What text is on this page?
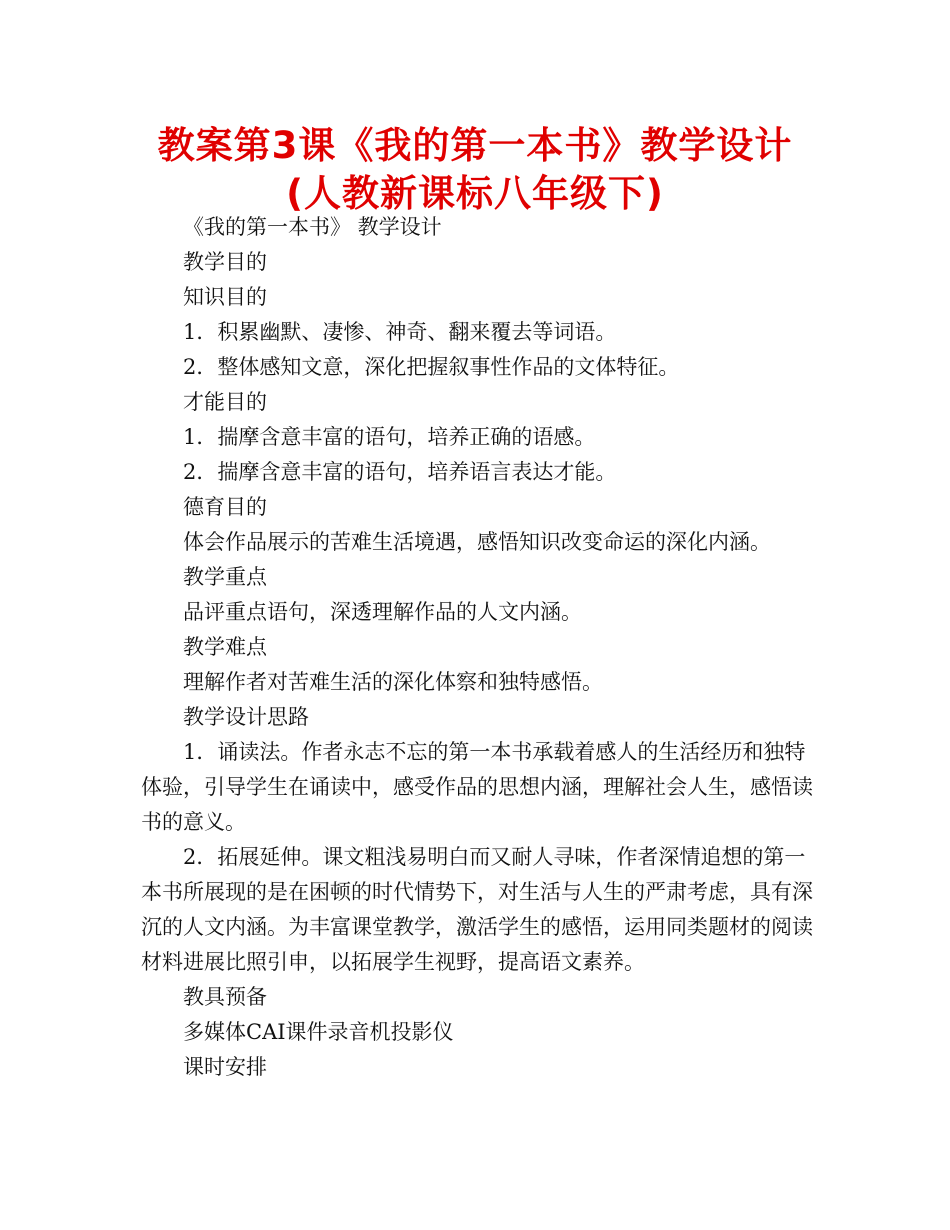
教案第3课《我的第一本书》教学设计
(人教新课标八年级下)

《我的第一本书》 教学设计

教学目的

知识目的

1．积累幽默、凄惨、神奇、翻来覆去等词语。

2．整体感知文意，深化把握叙事性作品的文体特征。

才能目的

1．揣摩含意丰富的语句，培养正确的语感。

2．揣摩含意丰富的语句，培养语言表达才能。

德育目的

体会作品展示的苦难生活境遇，感悟知识改变命运的深化内涵。

教学重点

品评重点语句，深透理解作品的人文内涵。

教学难点

理解作者对苦难生活的深化体察和独特感悟。

教学设计思路

1．诵读法。作者永志不忘的第一本书承载着感人的生活经历和独特体验，引导学生在诵读中，感受作品的思想内涵，理解社会人生，感悟读书的意义。

2．拓展延伸。课文粗浅易明白而又耐人寻味，作者深情追想的第一本书所展现的是在困顿的时代情势下，对生活与人生的严肃考虑，具有深沉的人文内涵。为丰富课堂教学，激活学生的感悟，运用同类题材的阅读材料进展比照引申，以拓展学生视野，提高语文素养。

教具预备

多媒体CAI课件录音机投影仪

课时安排
